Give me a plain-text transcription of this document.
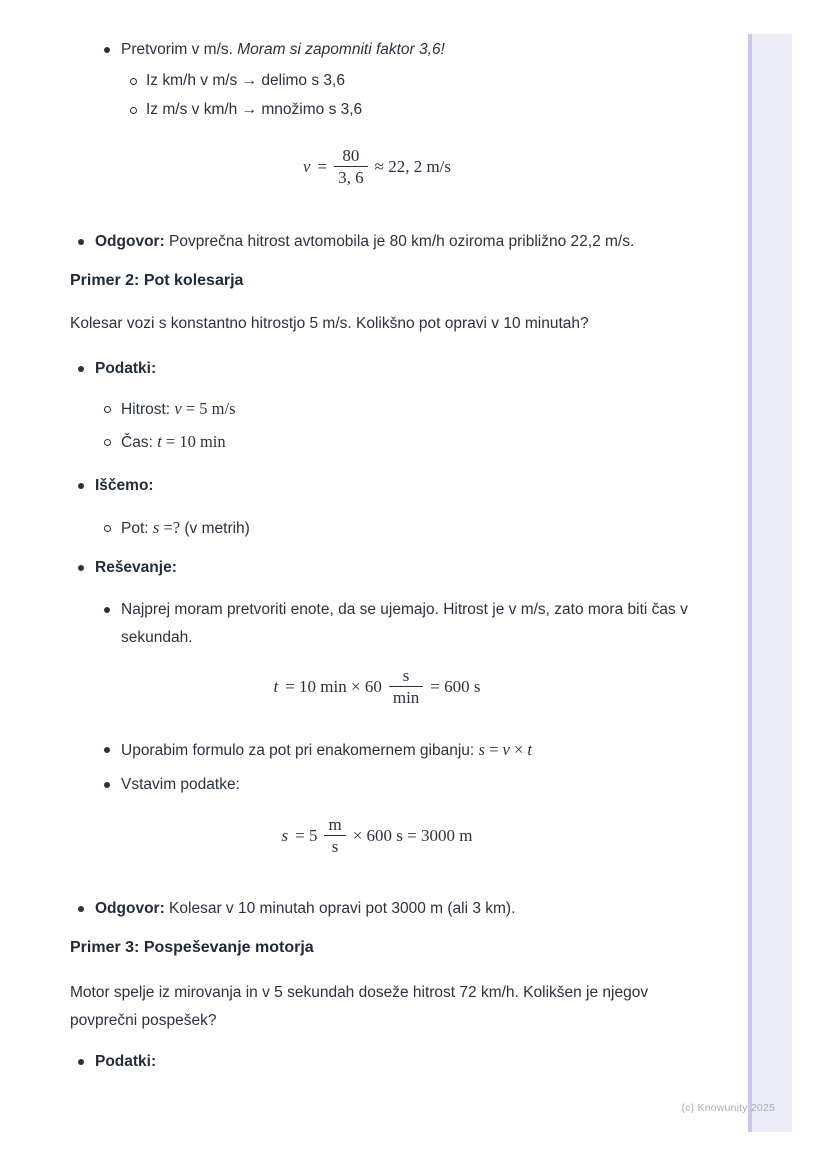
Pretvorim v m/s. Moram si zapomniti faktor 3,6!
Iz km/h v m/s → delimo s 3,6
Iz m/s v km/h → množimo s 3,6
$v = \frac{80}{3, 6} \approx 22$, 2 m/s
Odgovor: Povprečna hitrost avtomobila je 80 km/h oziroma približno 22,2 m/s.
Primer 2: Pot kolesarja

Kolesar vozi s konstantno hitrostjo 5 m/s. Kolikšno pot opravi v 10 minutah?

Podatki:
Hitrost: v = 5 m/s
Čas: t = 10 min
Iščemo:
Pot: s =? (v metrih)
Reševanje:
Najprej moram pretvoriti enote, da se ujemajo. Hitrost je v m/s, zato mora biti čas v sekundah.
t = 10 $\min \times 60 \frac{s}{\min} = 600$ s
Uporabim formulo za pot pri enakomernem gibanju: s = v × t
Vstavim podatke:
$s = 5 \frac{m}{s} \times 600$ s = 3000 m
Odgovor: Kolesar v 10 minutah opravi pot 3000 m (ali 3 km).
Primer 3: Pospeševanje motorja

Motor spelje iz mirovanja in v 5 sekundah doseže hitrost 72 km/h. Kolikšen je njegov povprečni pospešek?

Podatki:
(c) Knowunity 2025
